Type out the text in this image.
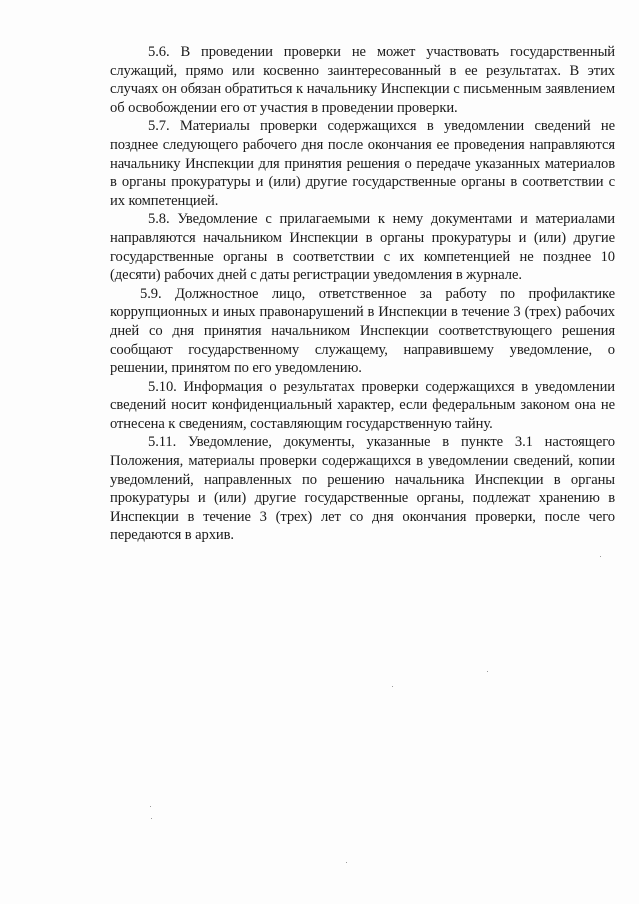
5.6. В проведении проверки не может участвовать государственный служащий, прямо или косвенно заинтересованный в ее результатах. В этих случаях он обязан обратиться к начальнику Инспекции с письменным заявлением об освобождении его от участия в проведении проверки.

5.7. Материалы проверки содержащихся в уведомлении сведений не позднее следующего рабочего дня после окончания ее проведения направляются начальнику Инспекции для принятия решения о передаче указанных материалов в органы прокуратуры и (или) другие государственные органы в соответствии с их компетенцией.

5.8. Уведомление с прилагаемыми к нему документами и материалами направляются начальником Инспекции в органы прокуратуры и (или) другие государственные органы в соответствии с их компетенцией не позднее 10 (десяти) рабочих дней с даты регистрации уведомления в журнале.

5.9. Должностное лицо, ответственное за работу по профилактике коррупционных и иных правонарушений в Инспекции в течение 3 (трех) рабочих дней со дня принятия начальником Инспекции соответствующего решения сообщают государственному служащему, направившему уведомление, о решении, принятом по его уведомлению.

5.10. Информация о результатах проверки содержащихся в уведомлении сведений носит конфиденциальный характер, если федеральным законом она не отнесена к сведениям, составляющим государственную тайну.

5.11. Уведомление, документы, указанные в пункте 3.1 настоящего Положения, материалы проверки содержащихся в уведомлении сведений, копии уведомлений, направленных по решению начальника Инспекции в органы прокуратуры и (или) другие государственные органы, подлежат хранению в Инспекции в течение 3 (трех) лет со дня окончания проверки, после чего передаются в архив.
